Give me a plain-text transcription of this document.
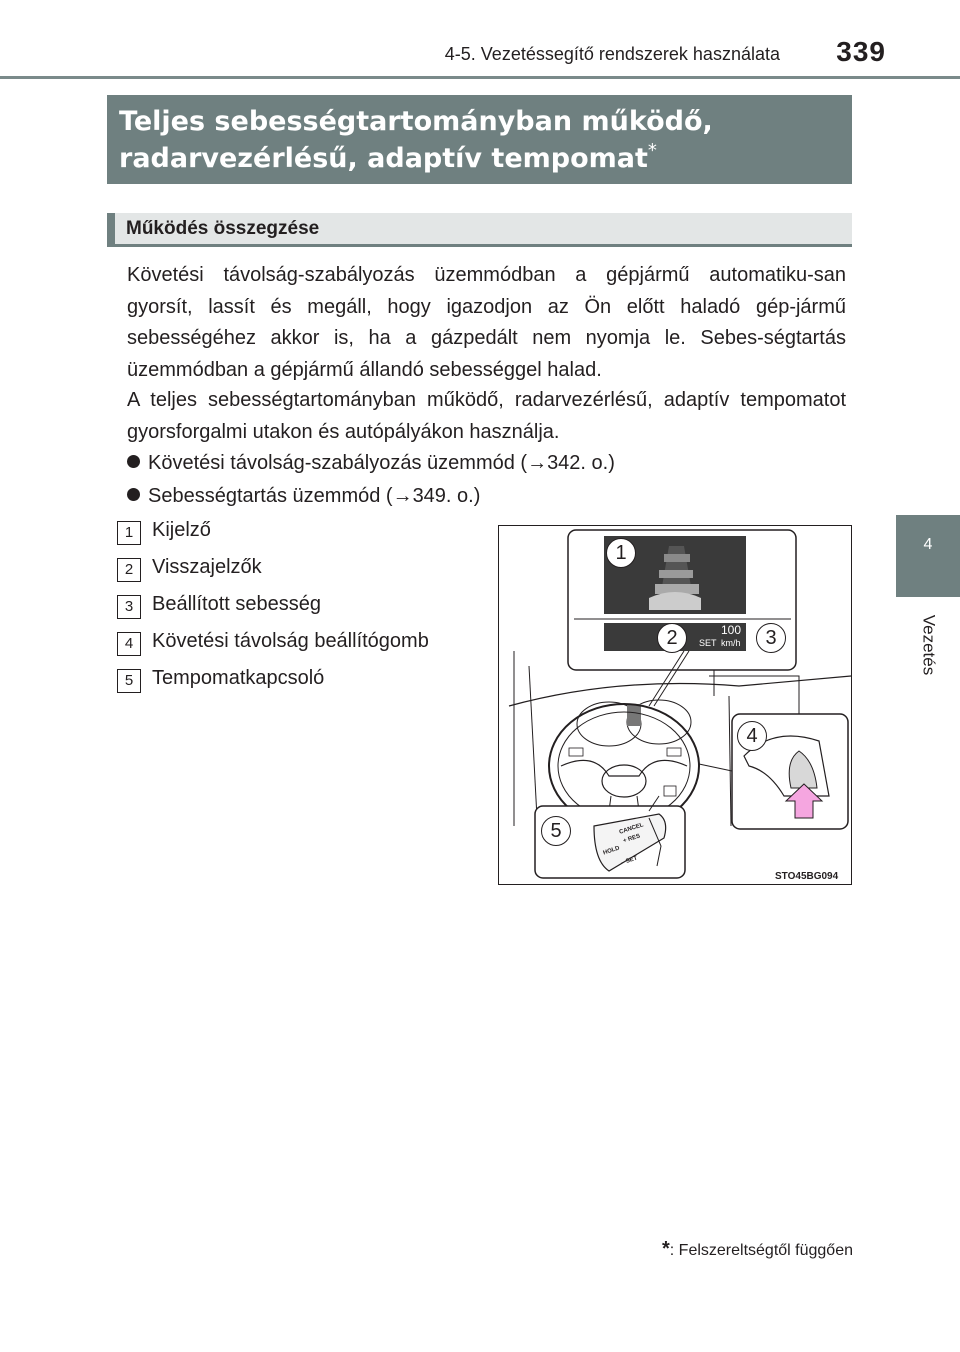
4-5. Vezetéssegítő rendszerek használata	339
4
Vezetés
Teljes sebességtartományban működő,
radarvezérlésű, adaptív tempomat*
Működés összegzése
Követési távolság-szabályozás üzemmódban a gépjármű automatiku-san gyorsít, lassít és megáll, hogy igazodjon az Ön előtt haladó gép-jármű sebességéhez akkor is, ha a gázpedált nem nyomja le. Sebes-ségtartás üzemmódban a gépjármű állandó sebességgel halad.
A teljes sebességtartományban működő, radarvezérlésű, adaptív tempomatot gyorsforgalmi utakon és autópályákon használja.
Követési távolság-szabályozás üzemmód (→342. o.)
Sebességtartás üzemmód (→349. o.)
1 Kijelző
2 Visszajelzők
3 Beállított sebesség
4 Követési távolság beállítógomb
5 Tempomatkapcsoló
1
2	3
4
5
SET
100
km/h
CANCEL
+ RES
HOLD
– SET
STO45BG094
*: Felszereltségtől függően
